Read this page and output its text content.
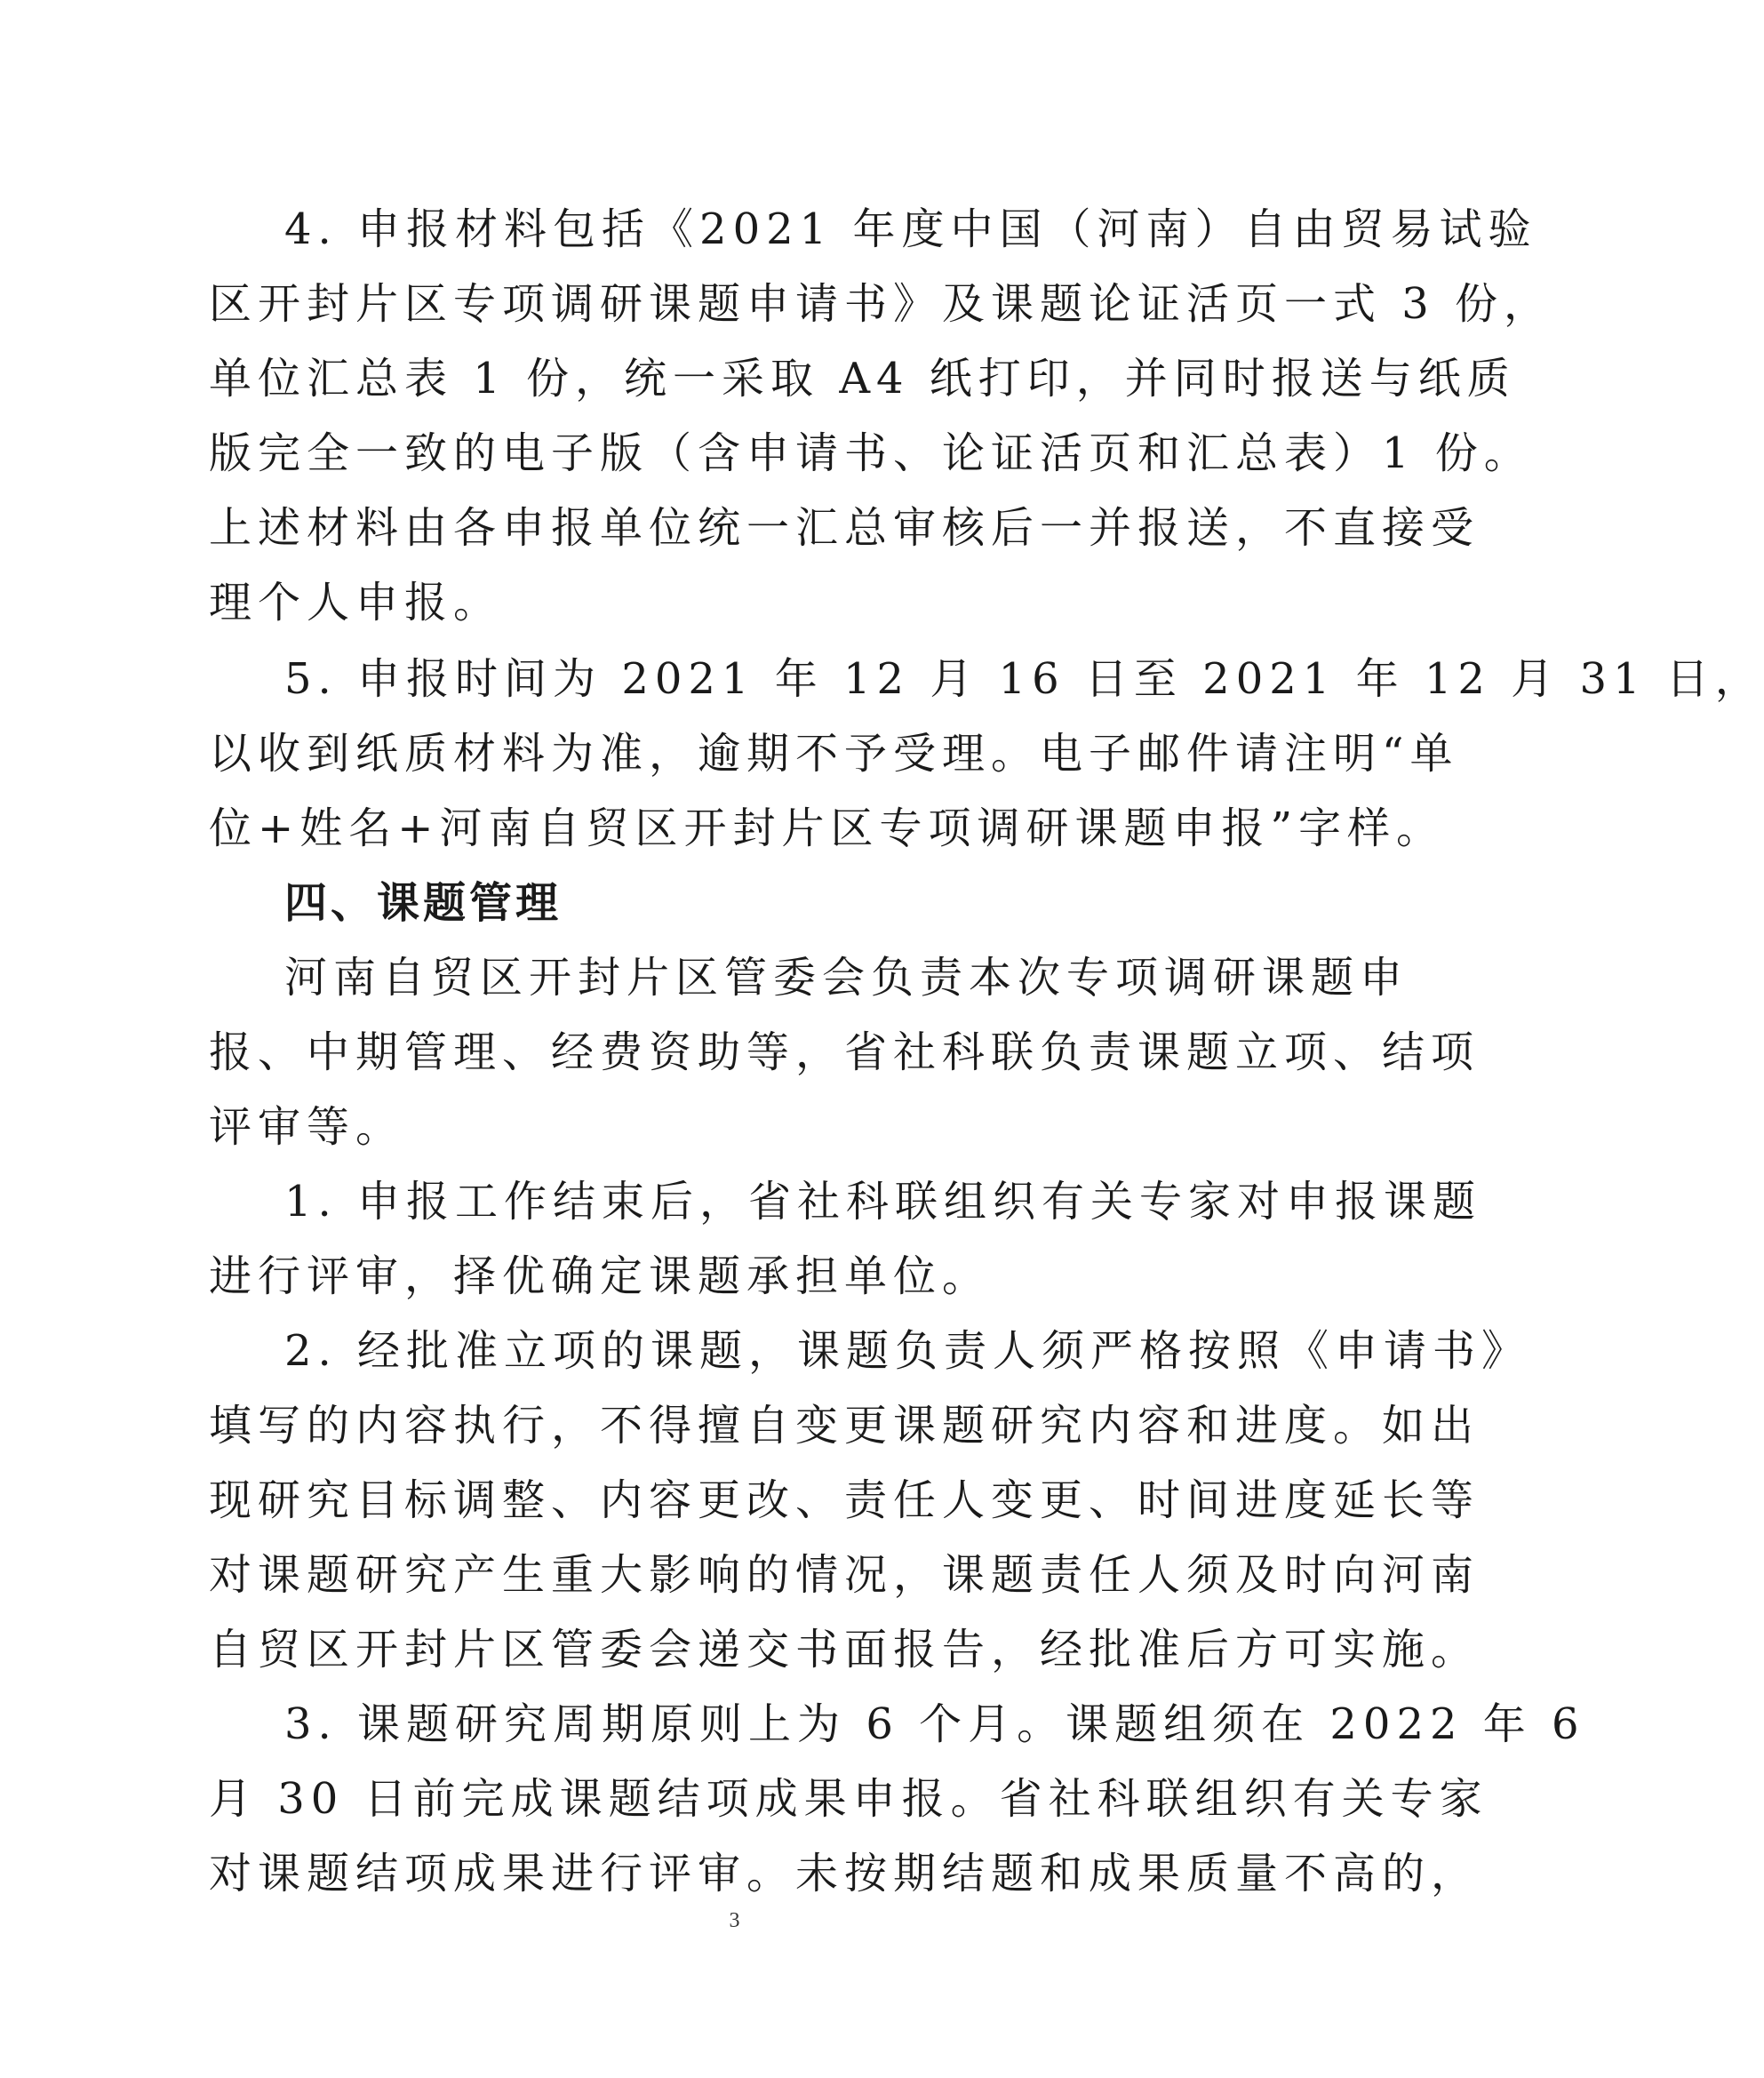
4. 申报材料包括《2021 年度中国（河南）自由贸易试验
区开封片区专项调研课题申请书》及课题论证活页一式 3 份，
单位汇总表 1 份，统一采取 A4 纸打印，并同时报送与纸质
版完全一致的电子版（含申请书、论证活页和汇总表）1 份。
上述材料由各申报单位统一汇总审核后一并报送，不直接受
理个人申报。
5. 申报时间为 2021 年 12 月 16 日至 2021 年 12 月 31 日，
以收到纸质材料为准，逾期不予受理。电子邮件请注明“单
位+姓名+河南自贸区开封片区专项调研课题申报”字样。
四、课题管理
河南自贸区开封片区管委会负责本次专项调研课题申
报、中期管理、经费资助等，省社科联负责课题立项、结项
评审等。
1. 申报工作结束后，省社科联组织有关专家对申报课题
进行评审，择优确定课题承担单位。
2. 经批准立项的课题，课题负责人须严格按照《申请书》
填写的内容执行，不得擅自变更课题研究内容和进度。如出
现研究目标调整、内容更改、责任人变更、时间进度延长等
对课题研究产生重大影响的情况，课题责任人须及时向河南
自贸区开封片区管委会递交书面报告，经批准后方可实施。
3. 课题研究周期原则上为 6 个月。课题组须在 2022 年 6
月 30 日前完成课题结项成果申报。省社科联组织有关专家
对课题结项成果进行评审。未按期结题和成果质量不高的，
3
